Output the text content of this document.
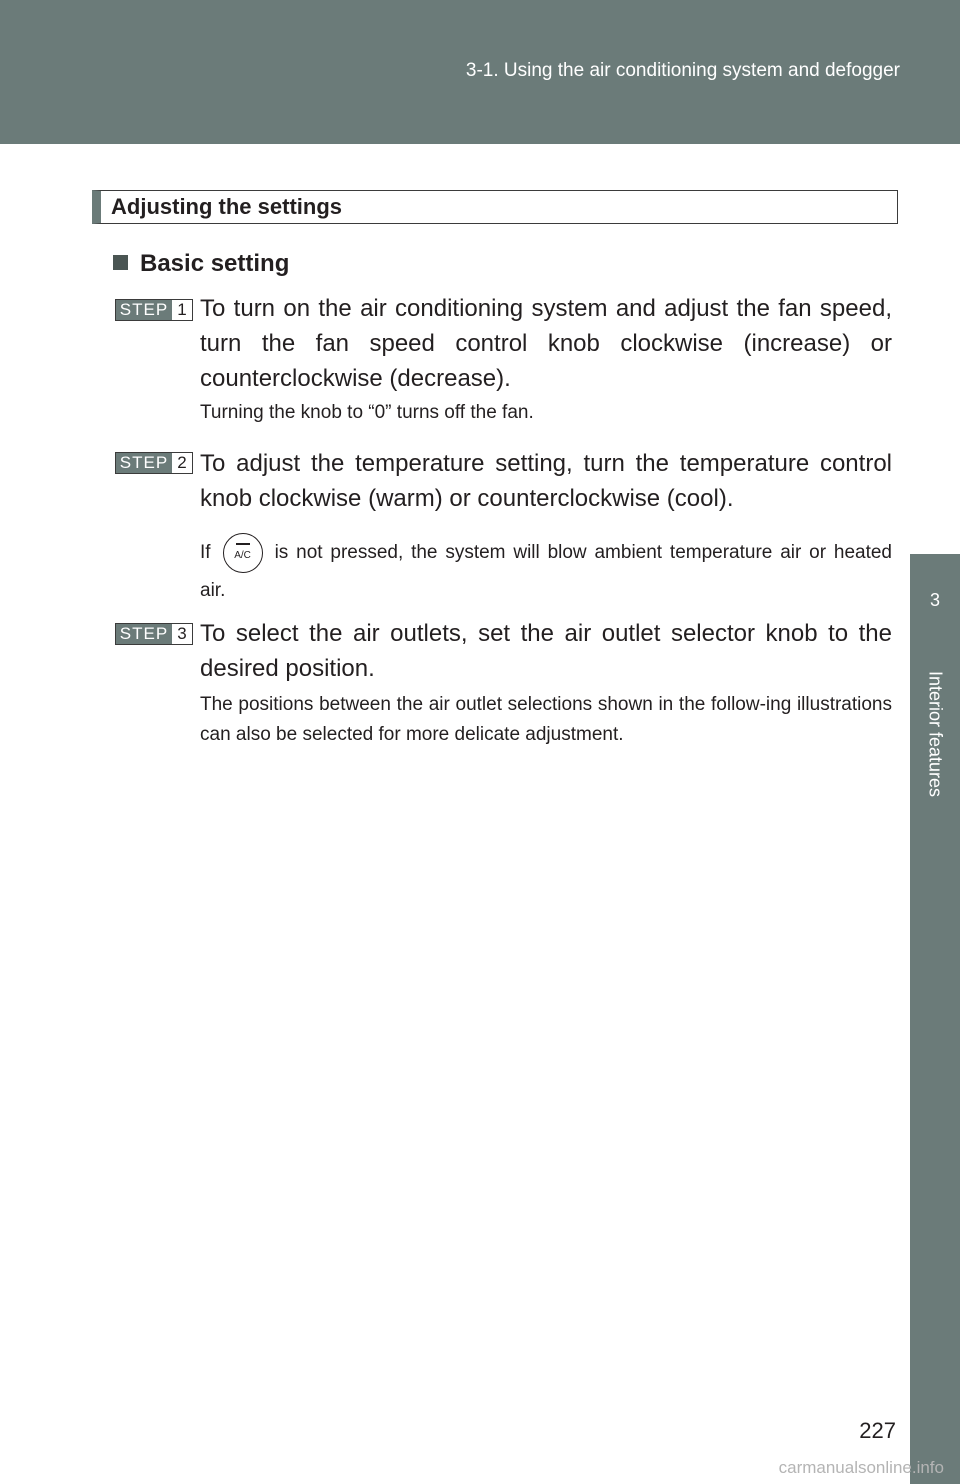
3-1. Using the air conditioning system and defogger
3
Interior features
Adjusting the settings
Basic setting
STEP 1 To turn on the air conditioning system and adjust the fan speed, turn the fan speed control knob clockwise (increase) or counterclockwise (decrease).

Turning the knob to “0” turns off the fan.

STEP 2 To adjust the temperature setting, turn the temperature control knob clockwise (warm) or counterclockwise (cool).

If A/C is not pressed, the system will blow ambient temperature air or heated air.

STEP 3 To select the air outlets, set the air outlet selector knob to the desired position.

The positions between the air outlet selections shown in the follow-ing illustrations can also be selected for more delicate adjustment.

227
carmanualsonline.info
